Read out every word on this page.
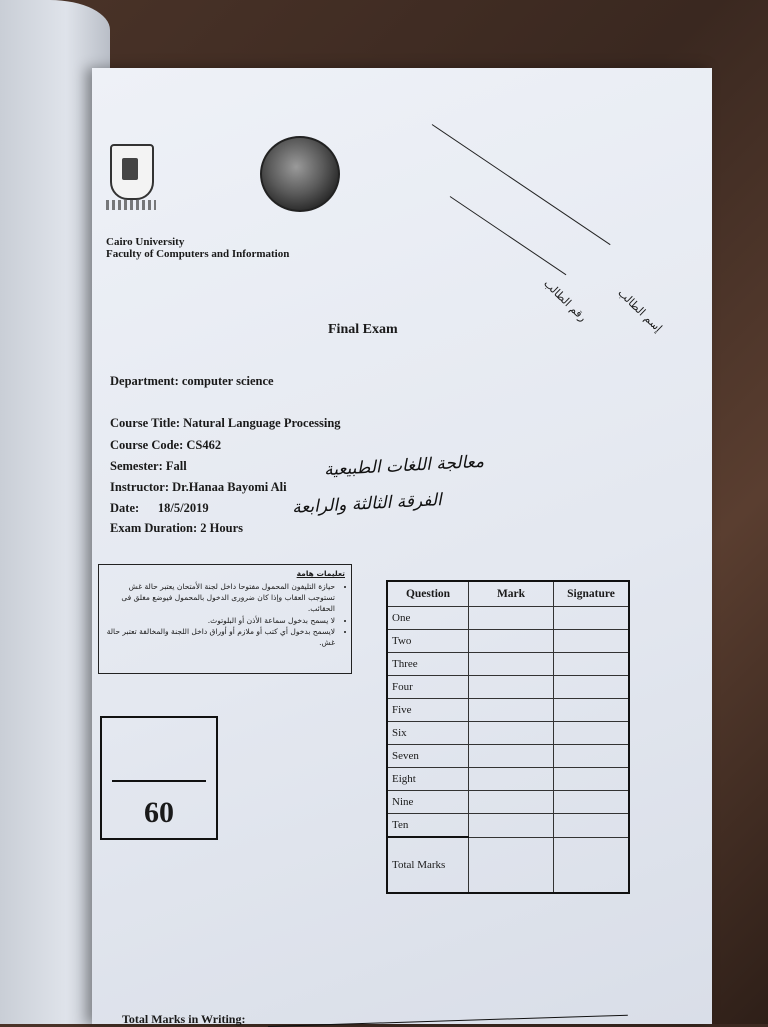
Cairo University
Faculty of Computers and Information
إسم الطالب
رقم الطالب
Final Exam
Department: computer science
Course Title: Natural Language Processing
Course Code: CS462
Semester: Fall
Instructor: Dr.Hanaa Bayomi Ali
Date:      18/5/2019
Exam Duration: 2 Hours
معالجة اللغات الطبيعية
الفرقة الثالثة والرابعة
تعليمات هامة
• حيازة التليفون المحمول مفتوحا داخل لجنة الأمتحان يعتبر حالة غش تستوجب العقاب وإذا كان ضرورى الدخول بالمحمول فيوضع مغلق فى الحقائب.
• لا يسمح بدخول سماعة الأذن أو البلوتوث.
• لايسمح بدخول أي كتب أو ملازم أو أوراق داخل اللجنة والمخالفة تعتبر حالة غش.
60
Question	Mark	Signature
One		
Two		
Three		
Four		
Five		
Six		
Seven		
Eight		
Nine		
Ten		
Total Marks		
Total Marks in Writing:
